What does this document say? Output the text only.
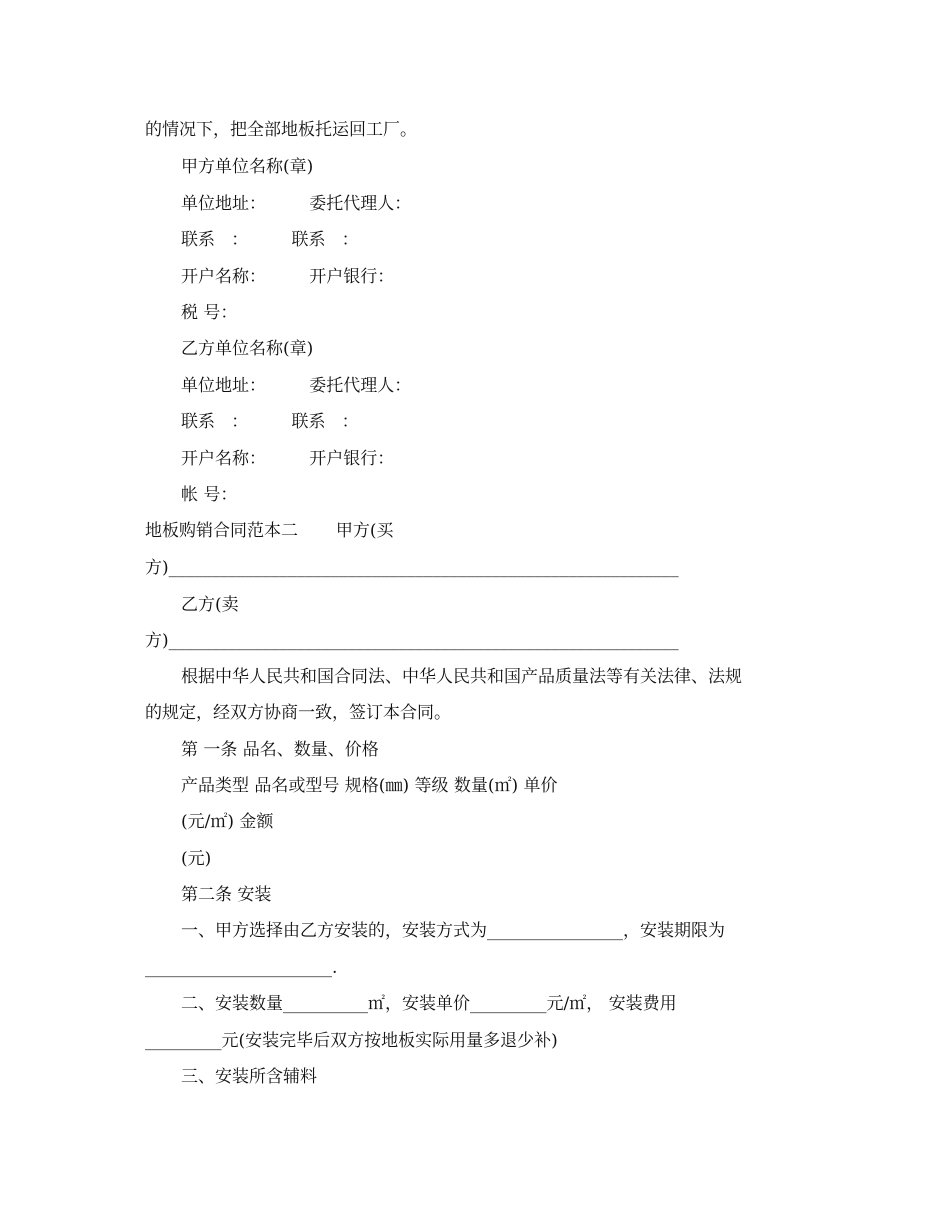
的情况下，把全部地板托运回工厂。
甲方单位名称(章)
单位地址：        委托代理人：
联系   ：        联系   ：
开户名称：        开户银行：
税 号：
乙方单位名称(章)
单位地址：        委托代理人：
联系   ：        联系   ：
开户名称：        开户银行：
帐 号：
地板购销合同范本二       甲方(买
方)____________________________________________________________
乙方(卖
方)____________________________________________________________
根据中华人民共和国合同法、中华人民共和国产品质量法等有关法律、法规
的规定，经双方协商一致，签订本合同。
第 一条 品名、数量、价格
产品类型 品名或型号 规格(㎜) 等级 数量(㎡) 单价
(元/㎡) 金额
(元)
第二条 安装
一、甲方选择由乙方安装的，安装方式为________________，安装期限为
______________________.
二、安装数量__________㎡，安装单价_________元/㎡， 安装费用
_________元(安装完毕后双方按地板实际用量多退少补)
三、安装所含辅料
